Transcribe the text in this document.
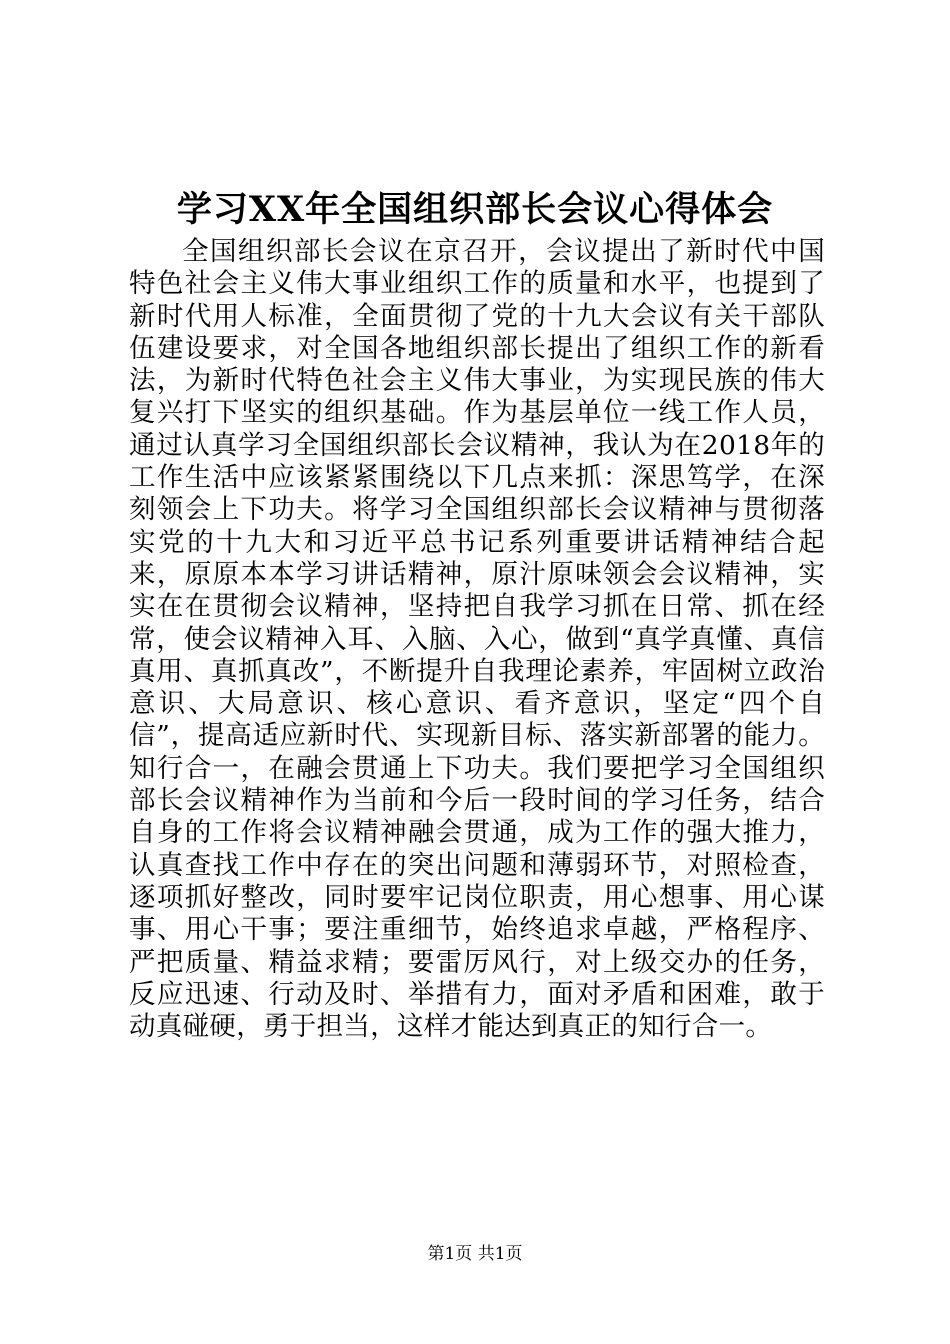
学习XX年全国组织部长会议心得体会

全国组织部长会议在京召开，会议提出了新时代中国特色社会主义伟大事业组织工作的质量和水平，也提到了新时代用人标准，全面贯彻了党的十九大会议有关干部队伍建设要求，对全国各地组织部长提出了组织工作的新看法，为新时代特色社会主义伟大事业，为实现民族的伟大复兴打下坚实的组织基础。作为基层单位一线工作人员，通过认真学习全国组织部长会议精神，我认为在2018年的工作生活中应该紧紧围绕以下几点来抓：深思笃学，在深刻领会上下功夫。将学习全国组织部长会议精神与贯彻落实党的十九大和习近平总书记系列重要讲话精神结合起来，原原本本学习讲话精神，原汁原味领会会议精神，实实在在贯彻会议精神，坚持把自我学习抓在日常、抓在经常，使会议精神入耳、入脑、入心，做到“真学真懂、真信真用、真抓真改”，不断提升自我理论素养，牢固树立政治意识、大局意识、核心意识、看齐意识，坚定“四个自信”，提高适应新时代、实现新目标、落实新部署的能力。知行合一，在融会贯通上下功夫。我们要把学习全国组织部长会议精神作为当前和今后一段时间的学习任务，结合自身的工作将会议精神融会贯通，成为工作的强大推力，认真查找工作中存在的突出问题和薄弱环节，对照检查，逐项抓好整改，同时要牢记岗位职责，用心想事、用心谋事、用心干事；要注重细节，始终追求卓越，严格程序、严把质量、精益求精；要雷厉风行，对上级交办的任务，反应迅速、行动及时、举措有力，面对矛盾和困难，敢于动真碰硬，勇于担当，这样才能达到真正的知行合一。

第1页 共1页
